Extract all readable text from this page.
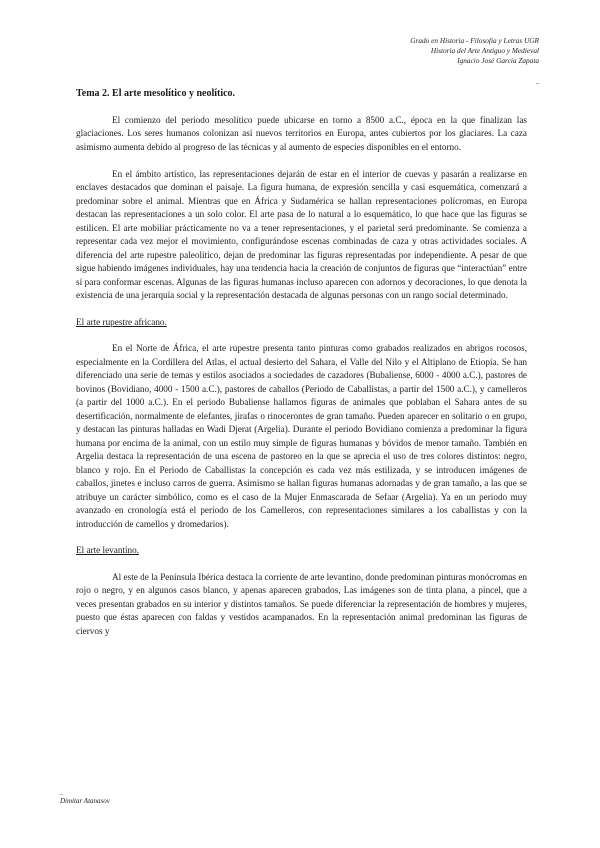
Grado en Historia - Filosofía y Letras UGR
Historia del Arte Antiguo y Medieval
Ignacio José García Zapata
_
Tema 2. El arte mesolítico y neolítico.

El comienzo del periodo mesolítico puede ubicarse en torno a 8500 a.C., época en la que finalizan las glaciaciones. Los seres humanos colonizan así nuevos territorios en Europa, antes cubiertos por los glaciares. La caza asimismo aumenta debido al progreso de las técnicas y al aumento de especies disponibles en el entorno.

En el ámbito artístico, las representaciones dejarán de estar en el interior de cuevas y pasarán a realizarse en enclaves destacados que dominan el paisaje. La figura humana, de expresión sencilla y casi esquemática, comenzará a predominar sobre el animal. Mientras que en África y Sudamérica se hallan representaciones polícromas, en Europa destacan las representaciones a un solo color. El arte pasa de lo natural a lo esquemático, lo que hace que las figuras se estilicen. El arte mobiliar prácticamente no va a tener representaciones, y el parietal será predominante. Se comienza a representar cada vez mejor el movimiento, configurándose escenas combinadas de caza y otras actividades sociales. A diferencia del arte rupestre paleolítico, dejan de predominar las figuras representadas por independiente. A pesar de que sigue habiendo imágenes individuales, hay una tendencia hacia la creación de conjuntos de figuras que “interactúan” entre sí para conformar escenas. Algunas de las figuras humanas incluso aparecen con adornos y decoraciones, lo que denota la existencia de una jerarquía social y la representación destacada de algunas personas con un rango social determinado.

El arte rupestre africano.

En el Norte de África, el arte rupestre presenta tanto pinturas como grabados realizados en abrigos rocosos, especialmente en la Cordillera del Atlas, el actual desierto del Sahara, el Valle del Nilo y el Altiplano de Etiopía. Se han diferenciado una serie de temas y estilos asociados a sociedades de cazadores (Bubaliense, 6000 - 4000 a.C.), pastores de bovinos (Bovidiano, 4000 - 1500 a.C.), pastores de caballos (Periodo de Caballistas, a partir del 1500 a.C.), y camelleros (a partir del 1000 a.C.). En el periodo Bubaliense hallamos figuras de animales que poblaban el Sahara antes de su desertificación, normalmente de elefantes, jirafas o rinocerontes de gran tamaño. Pueden aparecer en solitario o en grupo, y destacan las pinturas halladas en Wadi Djerat (Argelia). Durante el periodo Bovidiano comienza a predominar la figura humana por encima de la animal, con un estilo muy simple de figuras humanas y bóvidos de menor tamaño. También en Argelia destaca la representación de una escena de pastoreo en la que se aprecia el uso de tres colores distintos: negro, blanco y rojo. En el Periodo de Caballistas la concepción es cada vez más estilizada, y se introducen imágenes de caballos, jinetes e incluso carros de guerra. Asimismo se hallan figuras humanas adornadas y de gran tamaño, a las que se atribuye un carácter simbólico, como es el caso de la Mujer Enmascarada de Sefaar (Argelia). Ya en un periodo muy avanzado en cronología está el periodo de los Camelleros, con representaciones similares a los caballistas y con la introducción de camellos y dromedarios).

El arte levantino.

Al este de la Península Ibérica destaca la corriente de arte levantino, donde predominan pinturas monócromas en rojo o negro, y en algunos casos blanco, y apenas aparecen grabados, Las imágenes son de tinta plana, a pincel, que a veces presentan grabados en su interior y distintos tamaños. Se puede diferenciar la representación de hombres y mujeres, puesto que éstas aparecen con faldas y vestidos acampanados. En la representación animal predominan las figuras de ciervos y

_
Dimitar Atanasov
